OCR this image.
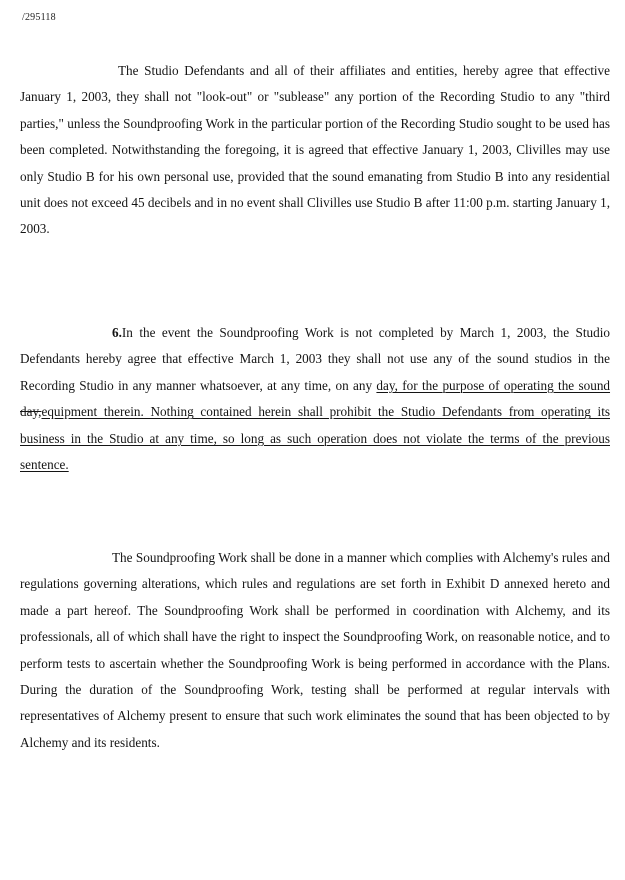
/295118

The Studio Defendants and all of their affiliates and entities, hereby agree that effective January 1, 2003, they shall not "look-out" or "sublease" any portion of the Recording Studio to any "third parties," unless the Soundproofing Work in the particular portion of the Recording Studio sought to be used has been completed. Notwithstanding the foregoing, it is agreed that effective January 1, 2003, Clivilles may use only Studio B for his own personal use, provided that the sound emanating from Studio B into any residential unit does not exceed 45 decibels and in no event shall Clivilles use Studio B after 11:00 p.m. starting January 1, 2003.

6.In the event the Soundproofing Work is not completed by March 1, 2003, the Studio Defendants hereby agree that effective March 1, 2003 they shall not use any of the sound studios in the Recording Studio in any manner whatsoever, at any time, on any day, for the purpose of operating the sound day,equipment therein. Nothing contained herein shall prohibit the Studio Defendants from operating its business in the Studio at any time, so long as such operation does not violate the terms of the previous sentence.

The Soundproofing Work shall be done in a manner which complies with Alchemy's rules and regulations governing alterations, which rules and regulations are set forth in Exhibit D annexed hereto and made a part hereof. The Soundproofing Work shall be performed in coordination with Alchemy, and its professionals, all of which shall have the right to inspect the Soundproofing Work, on reasonable notice, and to perform tests to ascertain whether the Soundproofing Work is being performed in accordance with the Plans. During the duration of the Soundproofing Work, testing shall be performed at regular intervals with representatives of Alchemy present to ensure that such work eliminates the sound that has been objected to by Alchemy and its residents.
